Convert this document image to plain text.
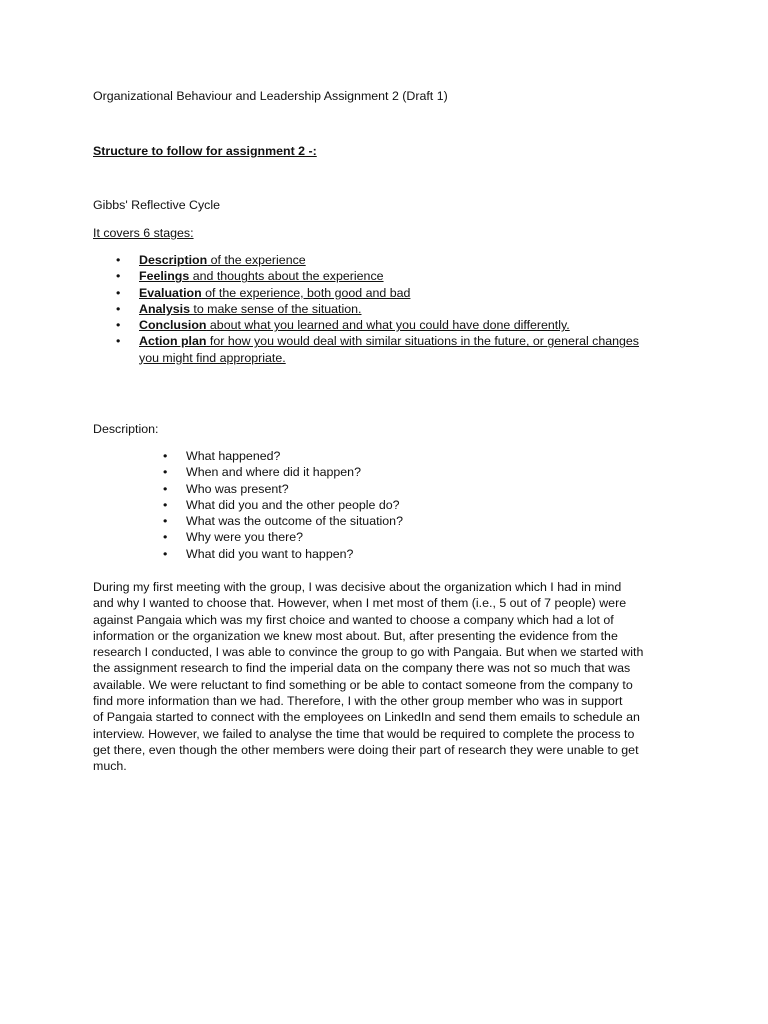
Organizational Behaviour and Leadership Assignment 2 (Draft 1)
Structure to follow for assignment 2 -:
Gibbs' Reflective Cycle
It covers 6 stages:
• Description of the experience
• Feelings and thoughts about the experience
• Evaluation of the experience, both good and bad
• Analysis to make sense of the situation.
• Conclusion about what you learned and what you could have done differently.
• Action plan for how you would deal with similar situations in the future, or general changes
you might find appropriate.
Description:
• What happened?
• When and where did it happen?
• Who was present?
• What did you and the other people do?
• What was the outcome of the situation?
• Why were you there?
• What did you want to happen?
During my first meeting with the group, I was decisive about the organization which I had in mind
and why I wanted to choose that. However, when I met most of them (i.e., 5 out of 7 people) were
against Pangaia which was my first choice and wanted to choose a company which had a lot of
information or the organization we knew most about. But, after presenting the evidence from the
research I conducted, I was able to convince the group to go with Pangaia. But when we started with
the assignment research to find the imperial data on the company there was not so much that was
available. We were reluctant to find something or be able to contact someone from the company to
find more information than we had. Therefore, I with the other group member who was in support
of Pangaia started to connect with the employees on LinkedIn and send them emails to schedule an
interview. However, we failed to analyse the time that would be required to complete the process to
get there, even though the other members were doing their part of research they were unable to get
much.
